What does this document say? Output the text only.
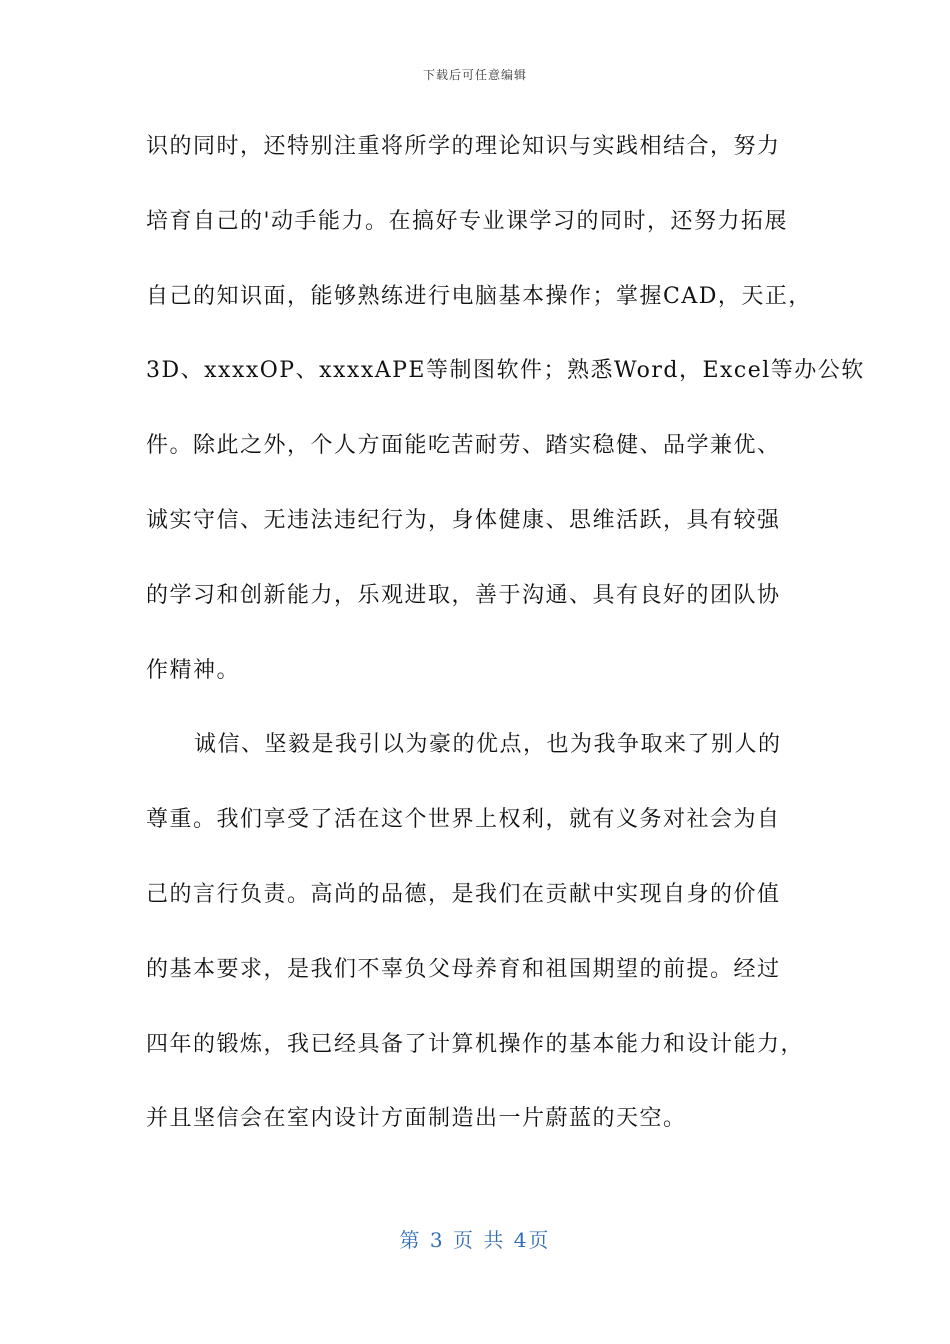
下载后可任意编辑
识的同时，还特别注重将所学的理论知识与实践相结合，努力
培育自己的'动手能力。在搞好专业课学习的同时，还努力拓展
自己的知识面，能够熟练进行电脑基本操作；掌握CAD，天正，
3D、xxxxOP、xxxxAPE等制图软件；熟悉Word，Excel等办公软
件。除此之外，个人方面能吃苦耐劳、踏实稳健、品学兼优、
诚实守信、无违法违纪行为，身体健康、思维活跃，具有较强
的学习和创新能力，乐观进取，善于沟通、具有良好的团队协
作精神。
诚信、坚毅是我引以为豪的优点，也为我争取来了别人的
尊重。我们享受了活在这个世界上权利，就有义务对社会为自
己的言行负责。高尚的品德，是我们在贡献中实现自身的价值
的基本要求，是我们不辜负父母养育和祖国期望的前提。经过
四年的锻炼，我已经具备了计算机操作的基本能力和设计能力，
并且坚信会在室内设计方面制造出一片蔚蓝的天空。
第 3 页 共 4页
